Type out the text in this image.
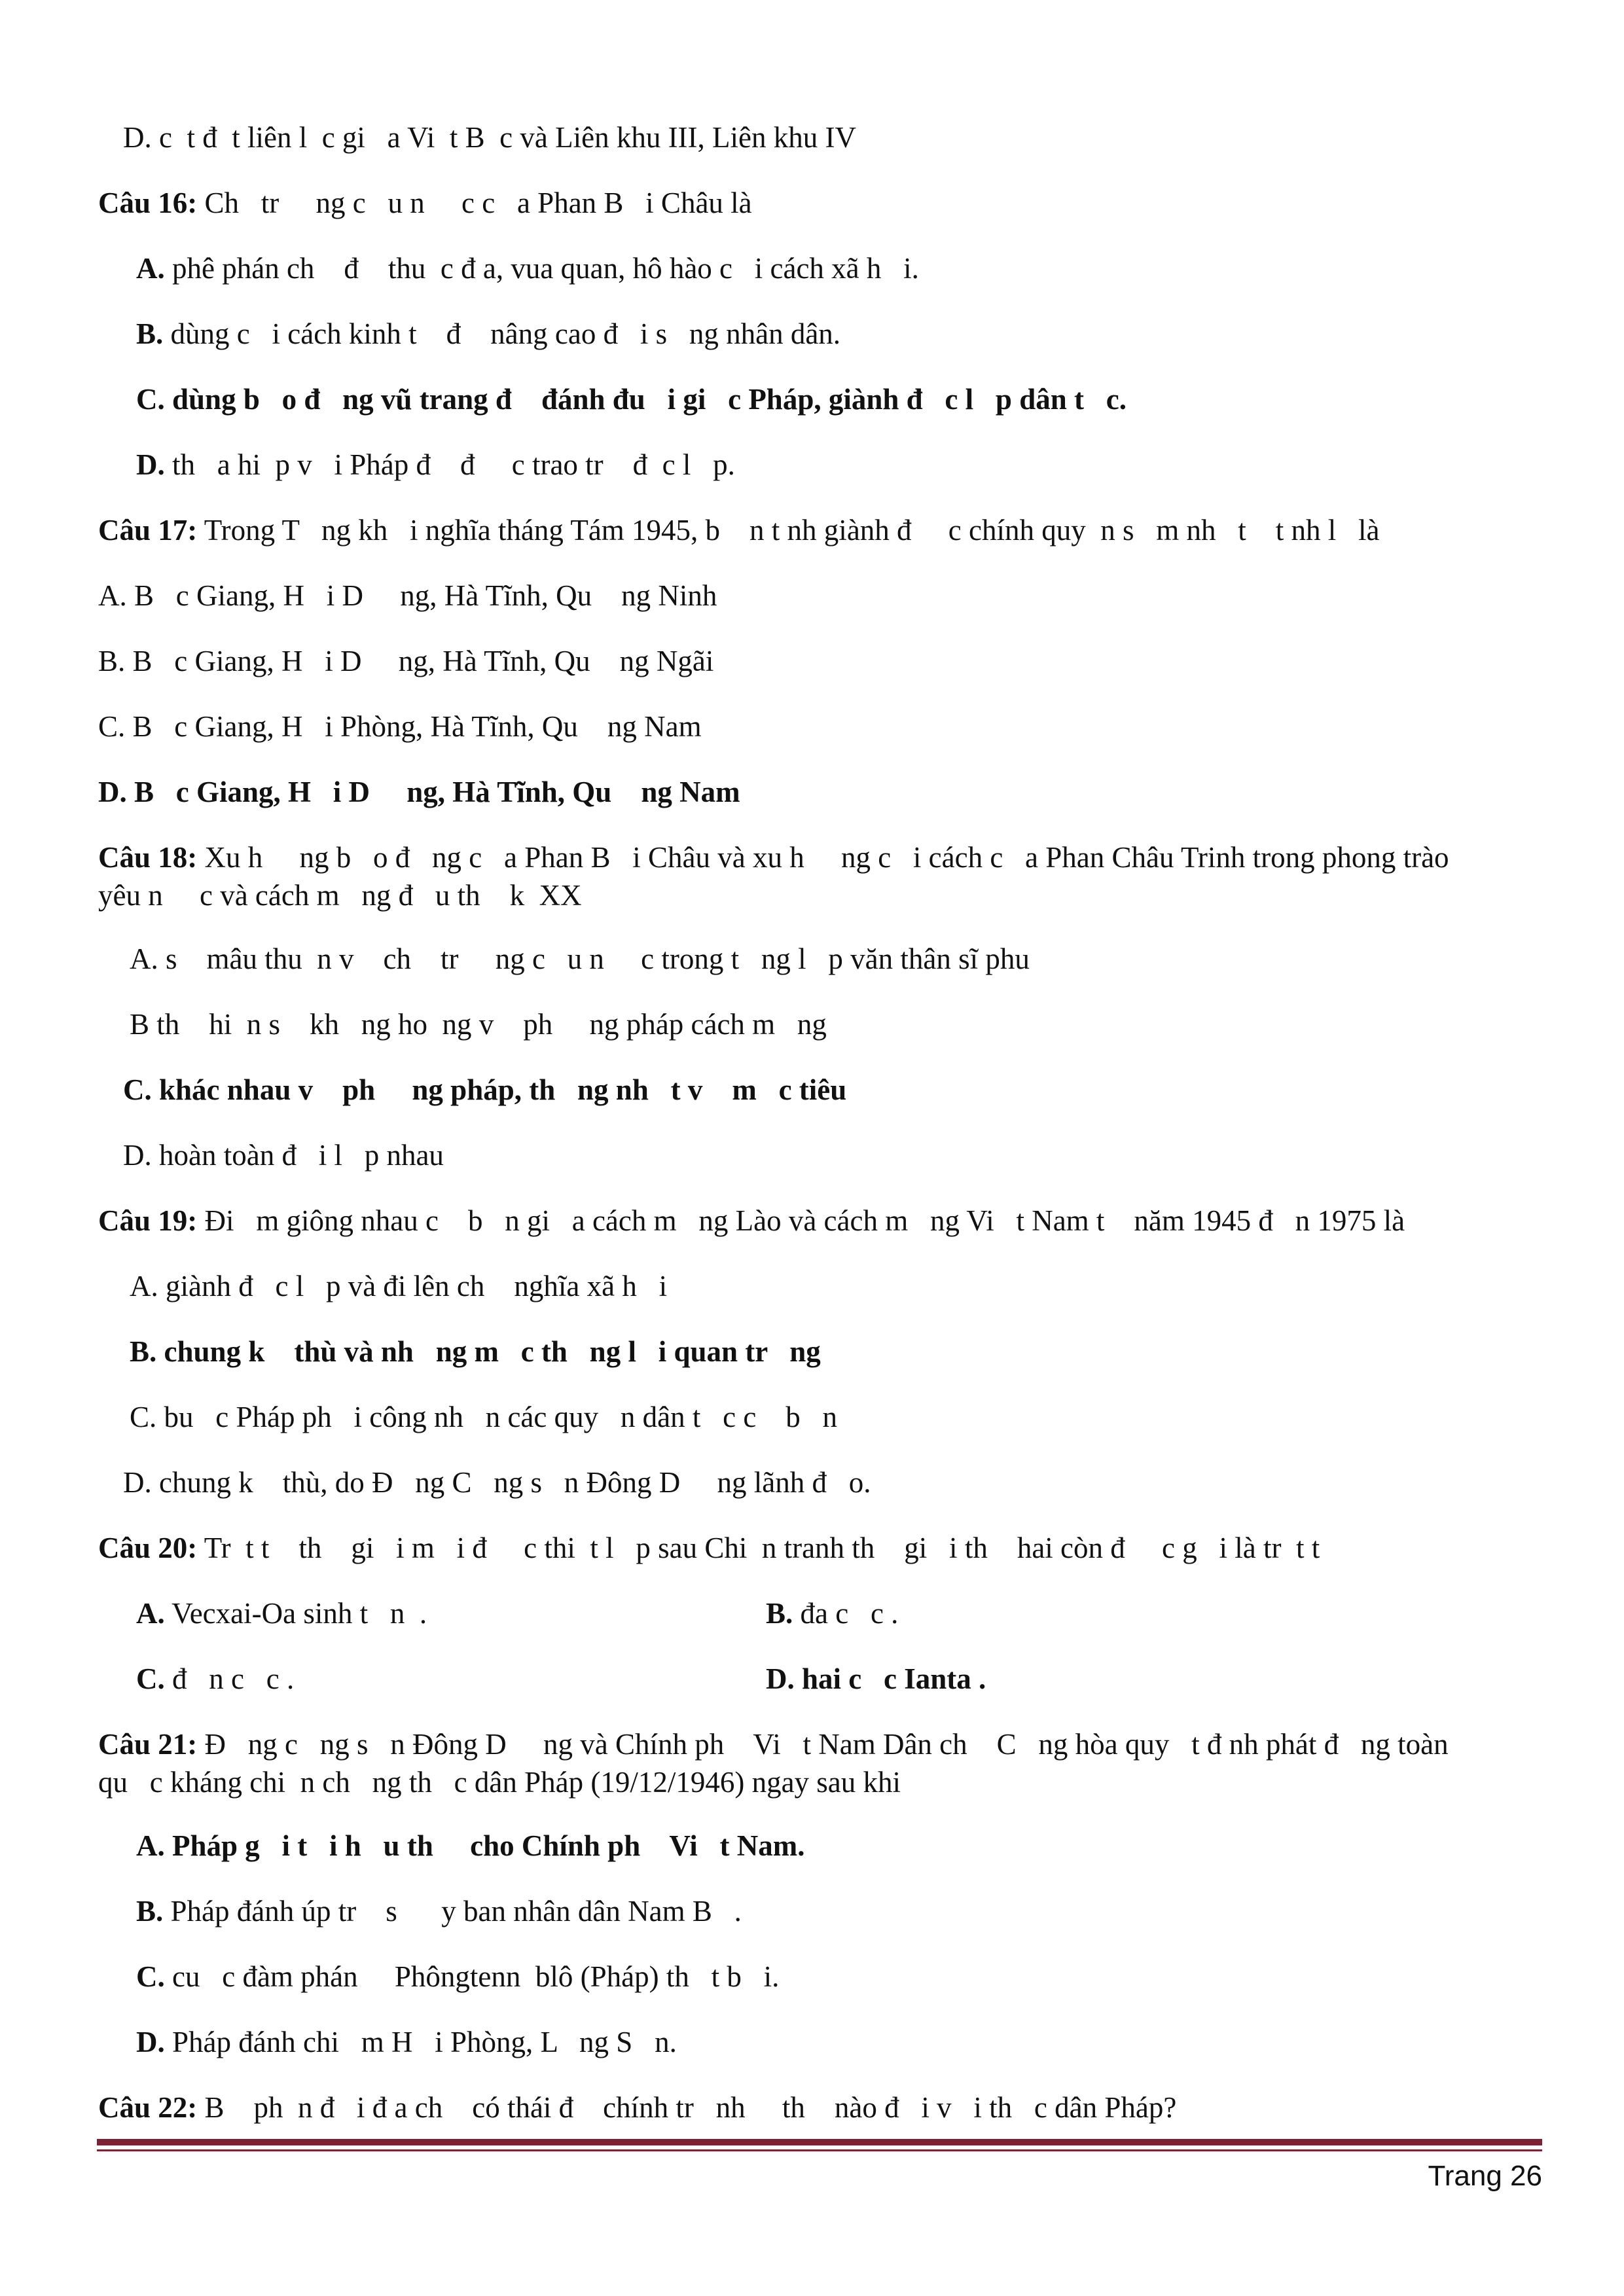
D. c  t đ  t liên l  c gi   a Vi  t B  c và Liên khu III, Liên khu IV
Câu 16: Ch   tr     ng c   u n     c c   a Phan B   i Châu là
A. phê phán ch    đ    thu  c đ a, vua quan, hô hào c   i cách xã h   i.
B. dùng c   i cách kinh t    đ    nâng cao đ   i s   ng nhân dân.
C. dùng b   o đ   ng vũ trang đ    đánh đu   i gi   c Pháp, giành đ   c l   p dân t   c.
D. th   a hi  p v   i Pháp đ    đ     c trao tr    đ  c l   p.
Câu 17: Trong T   ng kh   i nghĩa tháng Tám 1945, b    n t nh giành đ     c chính quy  n s   m nh   t    t nh l   là
A. B   c Giang, H   i D     ng, Hà Tĩnh, Qu    ng Ninh
B. B   c Giang, H   i D     ng, Hà Tĩnh, Qu    ng Ngãi
C. B   c Giang, H   i Phòng, Hà Tĩnh, Qu    ng Nam
D. B   c Giang, H   i D     ng, Hà Tĩnh, Qu    ng Nam
Câu 18: Xu h     ng b   o đ   ng c   a Phan B   i Châu và xu h     ng c   i cách c   a Phan Châu Trinh trong phong trào
yêu n     c và cách m   ng đ   u th    k  XX
A. s    mâu thu  n v    ch    tr     ng c   u n     c trong t   ng l   p văn thân sĩ phu
B th    hi  n s    kh   ng ho  ng v    ph     ng pháp cách m   ng
C. khác nhau v    ph     ng pháp, th   ng nh   t v    m   c tiêu
D. hoàn toàn đ   i l   p nhau
Câu 19: Đi   m giông nhau c    b   n gi   a cách m   ng Lào và cách m   ng Vi   t Nam t    năm 1945 đ   n 1975 là
A. giành đ   c l   p và đi lên ch    nghĩa xã h   i
B. chung k    thù và nh   ng m   c th   ng l   i quan tr   ng
C. bu   c Pháp ph   i công nh   n các quy   n dân t   c c    b   n
D. chung k    thù, do Đ   ng C   ng s   n Đông D     ng lãnh đ   o.
Câu 20: Tr  t t    th    gi   i m   i đ     c thi  t l   p sau Chi  n tranh th    gi   i th    hai còn đ     c g   i là tr  t t
A. Vecxai-Oa sinh t   n  .	B. đa c   c .
C. đ   n c   c .	D. hai c   c Ianta .
Câu 21: Đ   ng c   ng s   n Đông D     ng và Chính ph    Vi   t Nam Dân ch    C   ng hòa quy   t đ nh phát đ   ng toàn
qu   c kháng chi  n ch   ng th   c dân Pháp (19/12/1946) ngay sau khi
A. Pháp g   i t   i h   u th     cho Chính ph    Vi   t Nam.
B. Pháp đánh úp tr    s      y ban nhân dân Nam B   .
C. cu   c đàm phán     Phôngtenn  blô (Pháp) th   t b   i.
D. Pháp đánh chi   m H   i Phòng, L   ng S   n.
Câu 22: B    ph  n đ   i đ a ch    có thái đ    chính tr   nh     th    nào đ   i v   i th   c dân Pháp?
Trang 26
